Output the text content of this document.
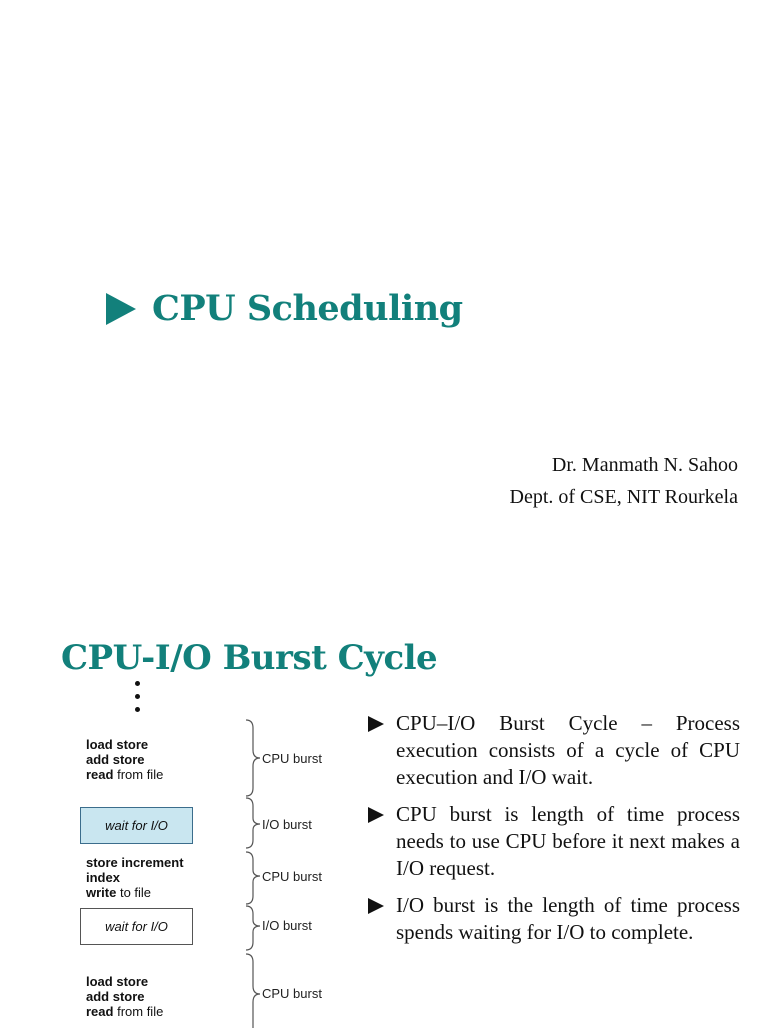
CPU Scheduling
Dr. Manmath N. Sahoo
Dept. of CSE, NIT Rourkela
CPU-I/O Burst Cycle
load store
add store
read from file
wait for I/O
store increment
index
write to file
wait for I/O
load store
add store
read from file
CPU burst
I/O burst
CPU burst
I/O burst
CPU burst
CPU–I/O Burst Cycle – Process execution consists of a cycle of CPU execution and I/O wait.
CPU burst is length of time process needs to use CPU before it next makes a I/O request.
I/O burst is the length of time process spends waiting for I/O to complete.
